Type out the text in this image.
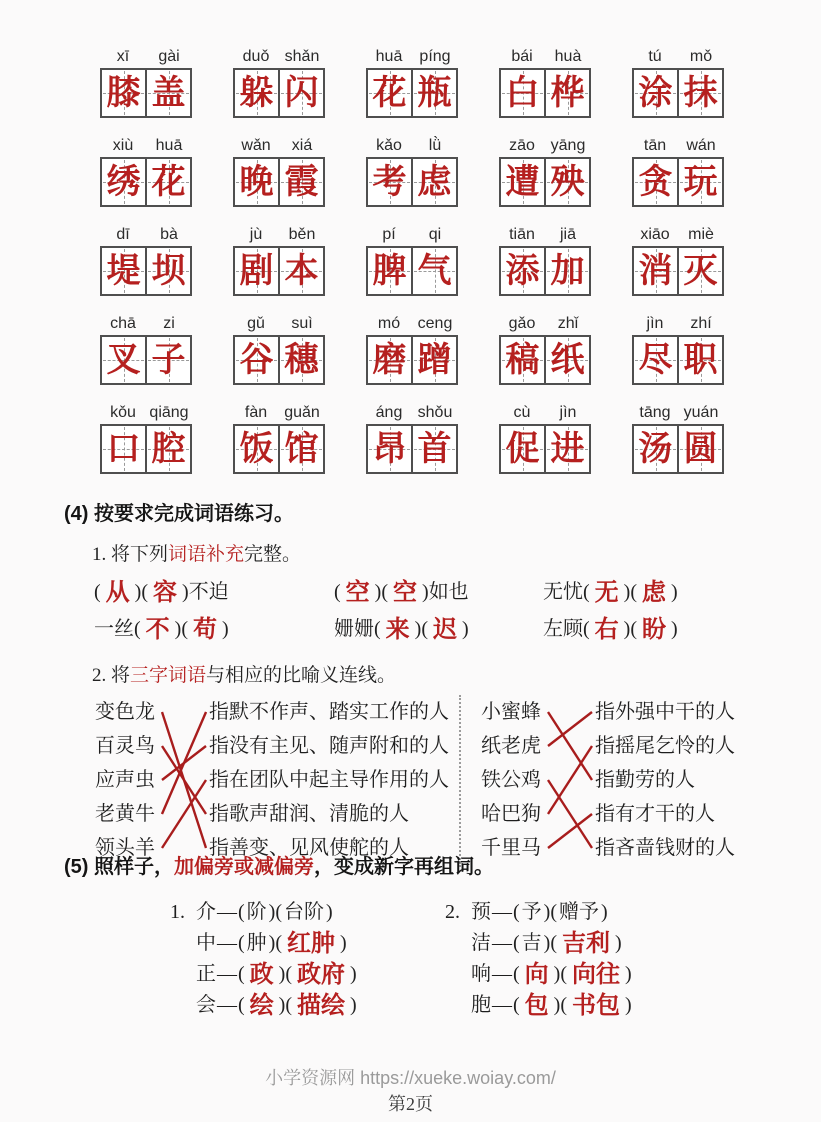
xī	gài
膝 盖
duǒ shǎn
躲 闪
huā	píng
花 瓶
bái	huà
白 桦
tú	mǒ
涂 抹
xiù	huā
绣 花
wǎn	xiá
晚 霞
kǎo	lǜ
考 虑
zāo yāng
遭 殃
tān	wán
贪 玩
dī	bà
堤 坝
jù	běn
剧 本
pí	qi
脾 气
tiān	jiā
添 加
xiāo	miè
消 灭
chā	zi
叉 子
gǔ	suì
谷 穗
mó	ceng
磨 蹭
gǎo	zhǐ
稿 纸
jìn	zhí
尽 职
kǒu qiāng
口 腔
fàn	guǎn
饭 馆
áng shǒu
昂 首
cù	jìn
促 进
tāng yuán
汤 圆
(4) 按要求完成词语练习。
1. 将下列词语补充完整。
( 从 )( 容 )不迫	( 空 )( 空 )如也	无忧( 无 )( 虑 )
一丝( 不 )( 苟 )	姗姗( 来 )( 迟 )	左顾( 右 )( 盼 )
2. 将三字词语与相应的比喻义连线。
变色龙
百灵鸟
应声虫
老黄牛
领头羊
指默不作声、踏实工作的人
指没有主见、随声附和的人
指在团队中起主导作用的人
指歌声甜润、清脆的人
指善变、见风使舵的人
小蜜蜂
纸老虎
铁公鸡
哈巴狗
千里马
指外强中干的人
指摇尾乞怜的人
指勤劳的人
指有才干的人
指吝啬钱财的人
(5) 照样子，加偏旁或减偏旁，变成新字再组词。
1. 介—( 阶 )( 台阶 )
中—( 肿 )( 红肿 )
正—( 政 )( 政府 )
会—( 绘 )( 描绘 )
2. 预—( 予 )( 赠予 )
洁—( 吉 )( 吉利 )
响—( 向 )( 向往 )
胞—( 包 )( 书包 )
小学资源网 https://xueke.woiay.com/
第2页
